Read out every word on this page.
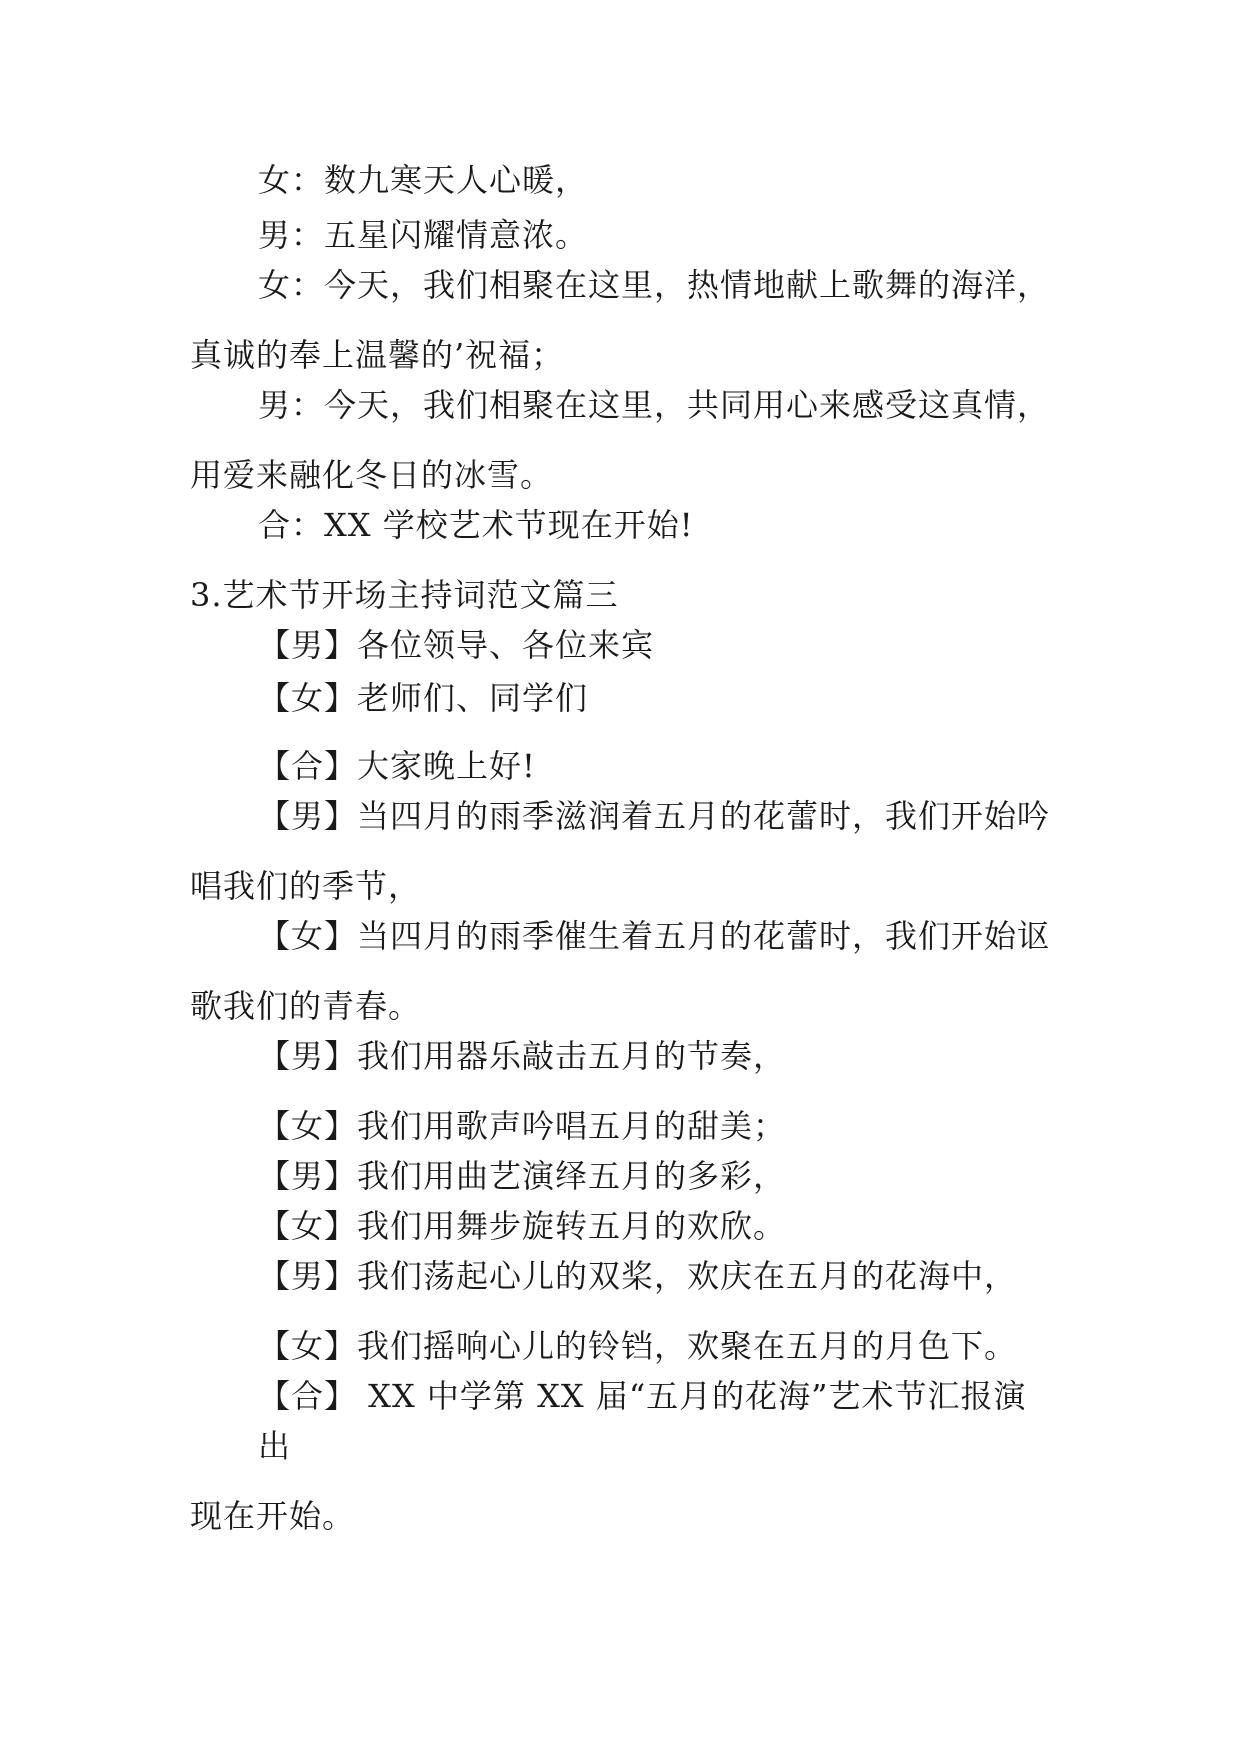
女：数九寒天人心暖，
男：五星闪耀情意浓。
女：今天，我们相聚在这里，热情地献上歌舞的海洋，
真诚的奉上温馨的’祝福；
男：今天，我们相聚在这里，共同用心来感受这真情，
用爱来融化冬日的冰雪。
合：XX 学校艺术节现在开始!
3.艺术节开场主持词范文篇三
【男】各位领导、各位来宾
【女】老师们、同学们
【合】大家晚上好!
【男】当四月的雨季滋润着五月的花蕾时，我们开始吟
唱我们的季节，
【女】当四月的雨季催生着五月的花蕾时，我们开始讴
歌我们的青春。
【男】我们用器乐敲击五月的节奏，
【女】我们用歌声吟唱五月的甜美；
【男】我们用曲艺演绎五月的多彩，
【女】我们用舞步旋转五月的欢欣。
【男】我们荡起心儿的双桨，欢庆在五月的花海中，
【女】我们摇响心儿的铃铛，欢聚在五月的月色下。
【合】 XX 中学第 XX 届“五月的花海”艺术节汇报演
出
现在开始。
